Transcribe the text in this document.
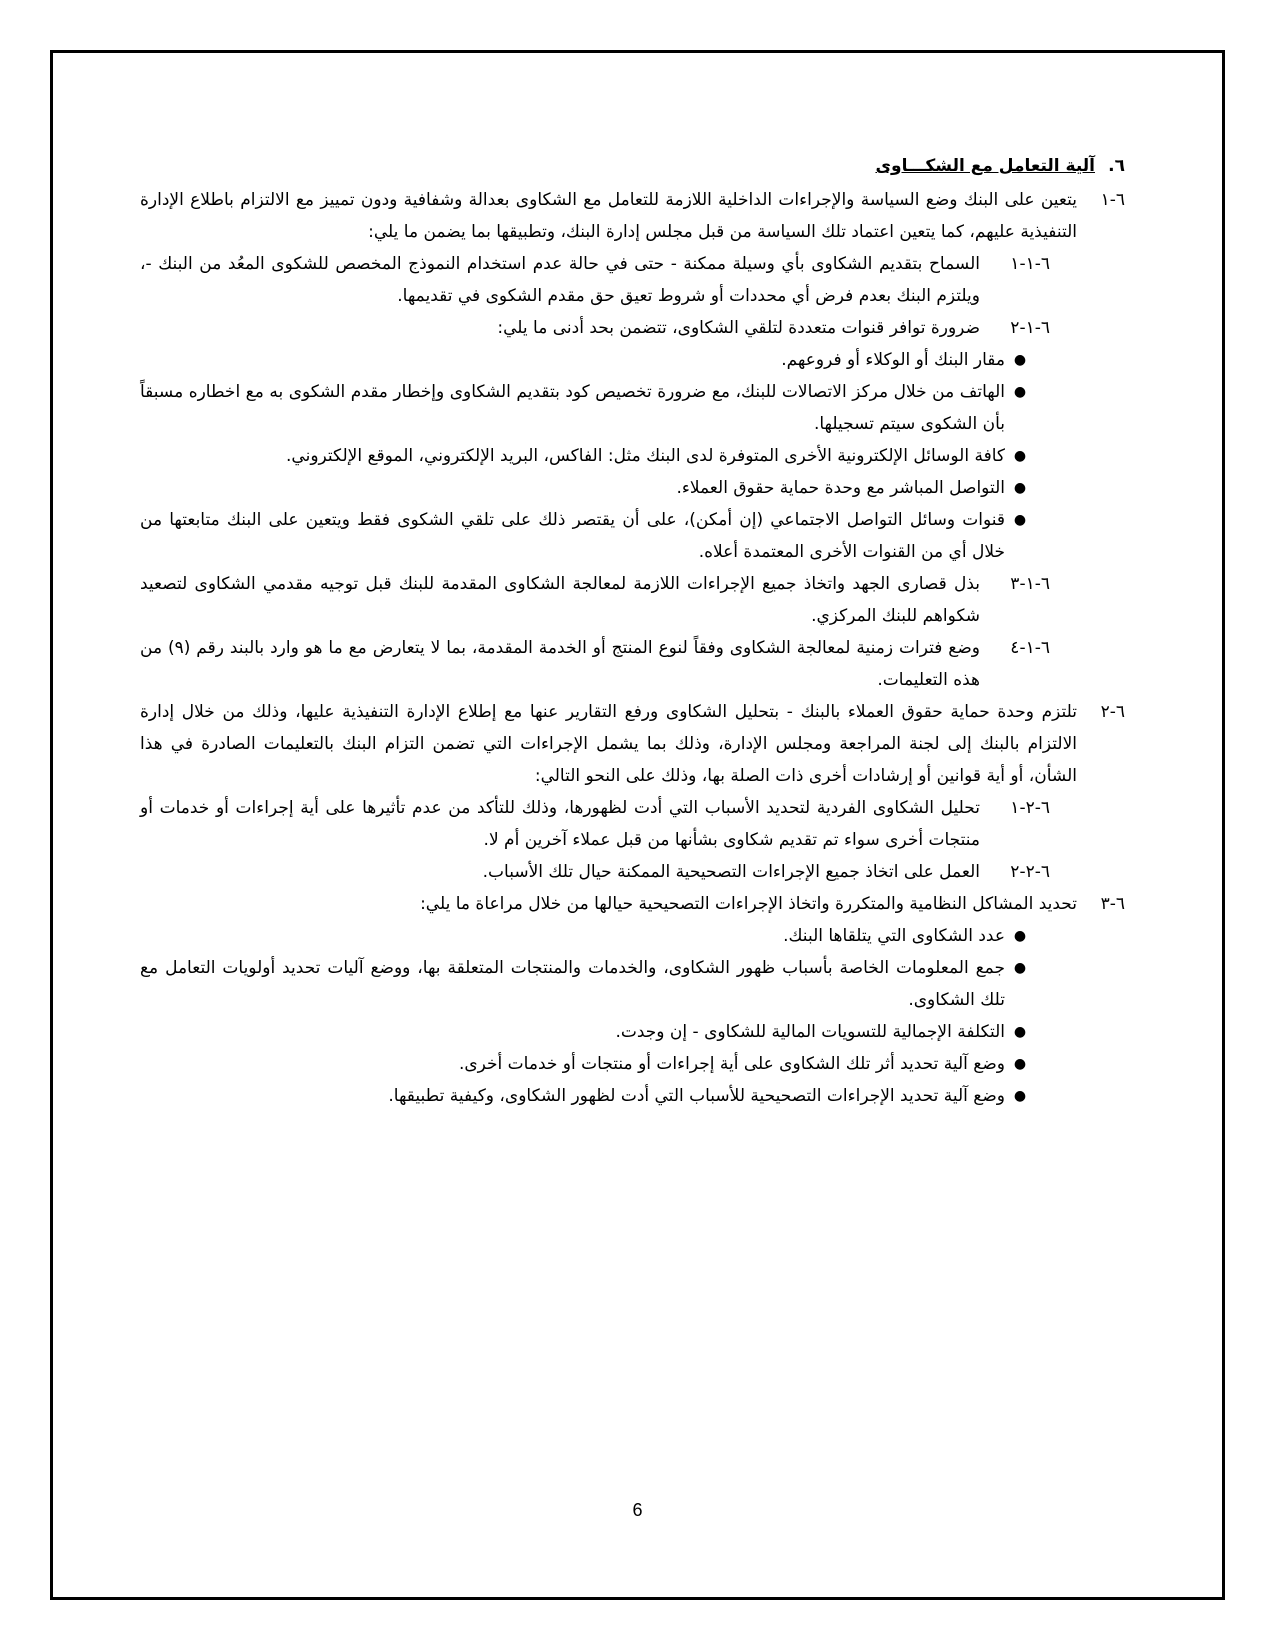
٦.آلية التعامل مع الشكـــاوى
٦-١
يتعين على البنك وضع السياسة والإجراءات الداخلية اللازمة للتعامل مع الشكاوى بعدالة وشفافية ودون تمييز مع الالتزام باطلاع الإدارة التنفيذية عليهم، كما يتعين اعتماد تلك السياسة من قبل مجلس إدارة البنك، وتطبيقها بما يضمن ما يلي:
٦-١-١
السماح بتقديم الشكاوى بأي وسيلة ممكنة - حتى في حالة عدم استخدام النموذج المخصص للشكوى المعُد من البنك -، ويلتزم البنك بعدم فرض أي محددات أو شروط تعيق حق مقدم الشكوى في تقديمها.
٦-١-٢
ضرورة توافر قنوات متعددة لتلقي الشكاوى، تتضمن بحد أدنى ما يلي:
●
مقار البنك أو الوكلاء أو فروعهم.
●
الهاتف من خلال مركز الاتصالات للبنك، مع ضرورة تخصيص كود بتقديم الشكاوى وإخطار مقدم الشكوى به مع اخطاره مسبقاً بأن الشكوى سيتم تسجيلها.
●
كافة الوسائل الإلكترونية الأخرى المتوفرة لدى البنك مثل: الفاكس، البريد الإلكتروني، الموقع الإلكتروني.
●
التواصل المباشر مع وحدة حماية حقوق العملاء.
●
قنوات وسائل التواصل الاجتماعي (إن أمكن)، على أن يقتصر ذلك على تلقي الشكوى فقط ويتعين على البنك متابعتها من خلال أي من القنوات الأخرى المعتمدة أعلاه.
٦-١-٣
بذل قصارى الجهد واتخاذ جميع الإجراءات اللازمة لمعالجة الشكاوى المقدمة للبنك قبل توجيه مقدمي الشكاوى لتصعيد شكواهم للبنك المركزي.
٦-١-٤
وضع فترات زمنية لمعالجة الشكاوى وفقاً لنوع المنتج أو الخدمة المقدمة، بما لا يتعارض مع ما هو وارد بالبند رقم (٩) من هذه التعليمات.
٦-٢
تلتزم وحدة حماية حقوق العملاء بالبنك - بتحليل الشكاوى ورفع التقارير عنها مع إطلاع الإدارة التنفيذية عليها، وذلك من خلال إدارة الالتزام بالبنك إلى لجنة المراجعة ومجلس الإدارة، وذلك بما يشمل الإجراءات التي تضمن التزام البنك بالتعليمات الصادرة في هذا الشأن، أو أية قوانين أو إرشادات أخرى ذات الصلة بها، وذلك على النحو التالي:
٦-٢-١
تحليل الشكاوى الفردية لتحديد الأسباب التي أدت لظهورها، وذلك للتأكد من عدم تأثيرها على أية إجراءات أو خدمات أو منتجات أخرى سواء تم تقديم شكاوى بشأنها من قبل عملاء آخرين أم لا.
٦-٢-٢
العمل على اتخاذ جميع الإجراءات التصحيحية الممكنة حيال تلك الأسباب.
٦-٣
تحديد المشاكل النظامية والمتكررة واتخاذ الإجراءات التصحيحية حيالها من خلال مراعاة ما يلي:
●
عدد الشكاوى التي يتلقاها البنك.
●
جمع المعلومات الخاصة بأسباب ظهور الشكاوى، والخدمات والمنتجات المتعلقة بها، ووضع آليات تحديد أولويات التعامل مع تلك الشكاوى.
●
التكلفة الإجمالية للتسويات المالية للشكاوى - إن وجدت.
●
وضع آلية تحديد أثر تلك الشكاوى على أية إجراءات أو منتجات أو خدمات أخرى.
●
وضع آلية تحديد الإجراءات التصحيحية للأسباب التي أدت لظهور الشكاوى، وكيفية تطبيقها.
6
